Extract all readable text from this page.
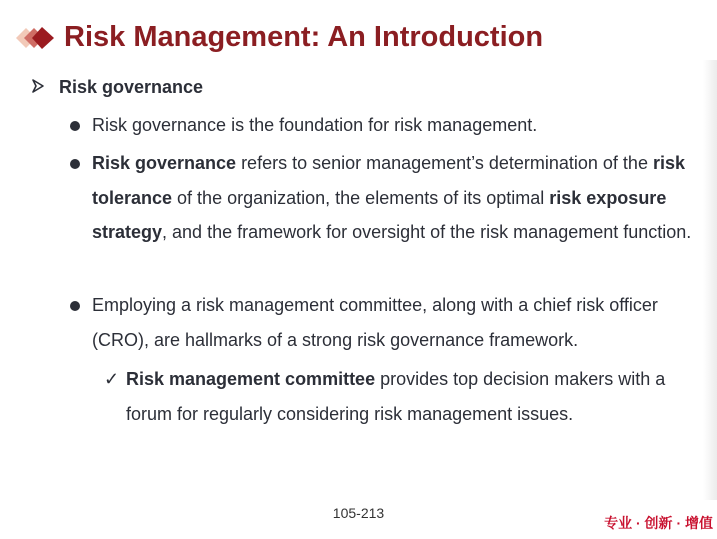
Risk Management: An Introduction
Risk governance
Risk governance is the foundation for risk management.
Risk governance refers to senior management’s determination of the risk tolerance of the organization, the elements of its optimal risk exposure strategy, and the framework for oversight of the risk management function.
Employing a risk management committee, along with a chief risk officer (CRO), are hallmarks of a strong risk governance framework.
✓ Risk management committee provides top decision makers with a forum for regularly considering risk management issues.
105-213
专业 · 创新 · 增值
